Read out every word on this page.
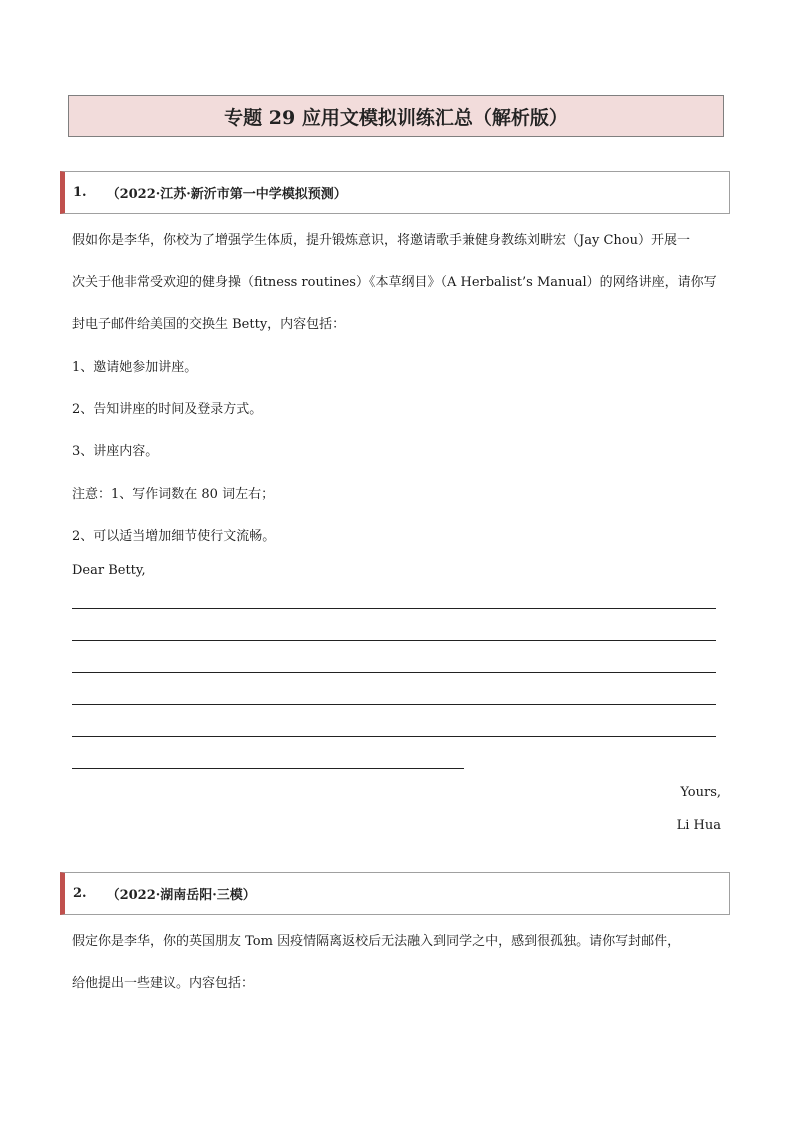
专题 29 应用文模拟训练汇总（解析版）
1. （2022·江苏·新沂市第一中学模拟预测）
假如你是李华，你校为了增强学生体质，提升锻炼意识，将邀请歌手兼健身教练刘畊宏（Jay Chou）开展一
次关于他非常受欢迎的健身操（fitness routines）《本草纲目》（A Herbalist’s Manual）的网络讲座，请你写
封电子邮件给美国的交换生 Betty，内容包括：
1、邀请她参加讲座。
2、告知讲座的时间及登录方式。
3、讲座内容。
注意：1、写作词数在 80 词左右；
2、可以适当增加细节使行文流畅。
Dear Betty,
Yours,
Li Hua
2. （2022·湖南岳阳·三模）
假定你是李华，你的英国朋友 Tom 因疫情隔离返校后无法融入到同学之中，感到很孤独。请你写封邮件，
给他提出一些建议。内容包括：
